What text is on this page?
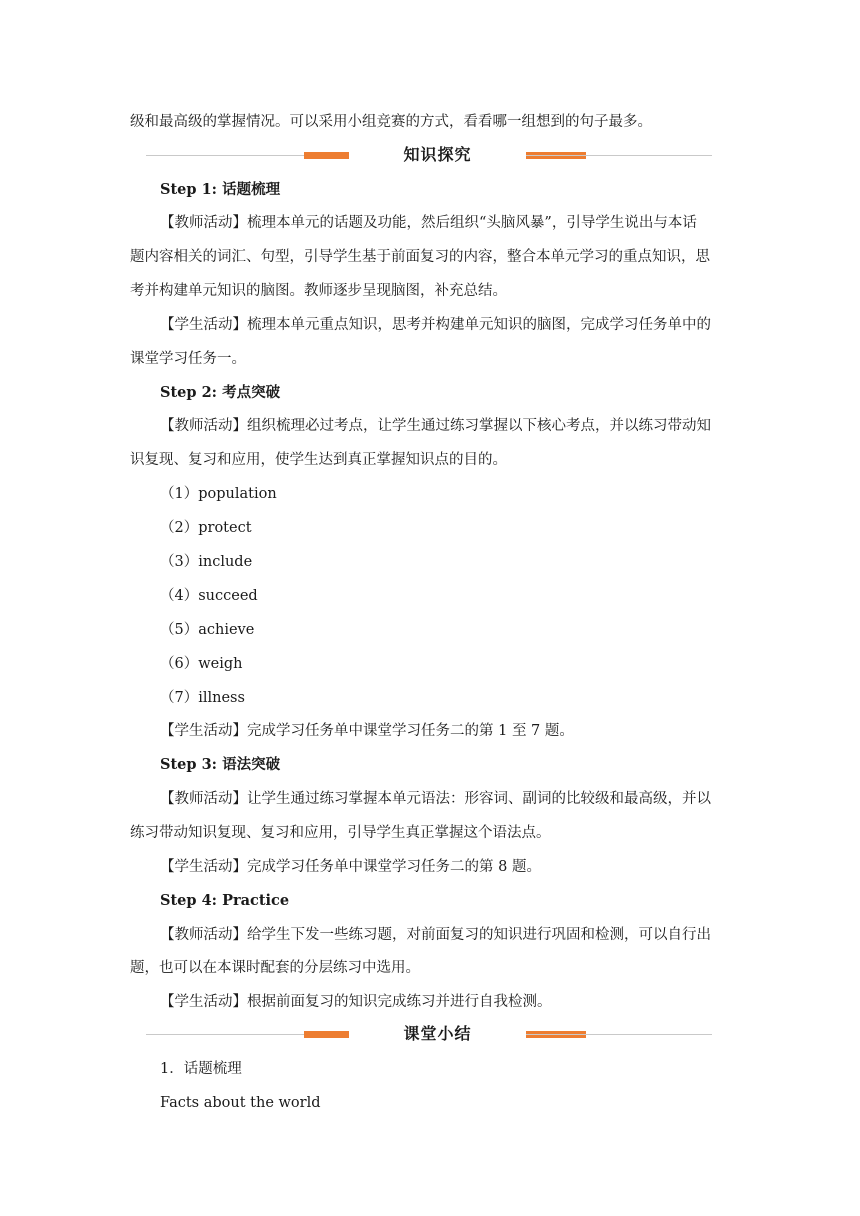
级和最高级的掌握情况。可以采用小组竞赛的方式，看看哪一组想到的句子最多。
知识探究
Step 1: 话题梳理
【教师活动】梳理本单元的话题及功能，然后组织“头脑风暴”，引导学生说出与本话
题内容相关的词汇、句型，引导学生基于前面复习的内容，整合本单元学习的重点知识，思
考并构建单元知识的脑图。教师逐步呈现脑图，补充总结。
【学生活动】梳理本单元重点知识，思考并构建单元知识的脑图，完成学习任务单中的
课堂学习任务一。
Step 2: 考点突破
【教师活动】组织梳理必过考点，让学生通过练习掌握以下核心考点，并以练习带动知
识复现、复习和应用，使学生达到真正掌握知识点的目的。
（1）population
（2）protect
（3）include
（4）succeed
（5）achieve
（6）weigh
（7）illness
【学生活动】完成学习任务单中课堂学习任务二的第 1 至 7 题。
Step 3: 语法突破
【教师活动】让学生通过练习掌握本单元语法：形容词、副词的比较级和最高级，并以
练习带动知识复现、复习和应用，引导学生真正掌握这个语法点。
【学生活动】完成学习任务单中课堂学习任务二的第 8 题。
Step 4: Practice
【教师活动】给学生下发一些练习题，对前面复习的知识进行巩固和检测，可以自行出
题，也可以在本课时配套的分层练习中选用。
【学生活动】根据前面复习的知识完成练习并进行自我检测。
课堂小结
1．话题梳理
Facts about the world
